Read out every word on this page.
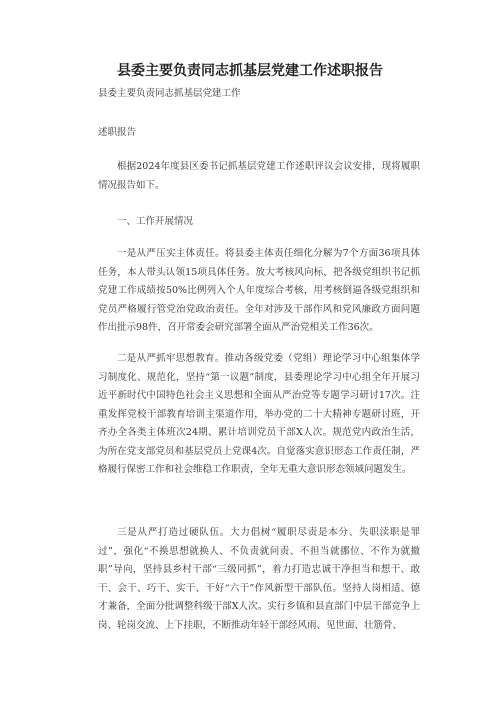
县委主要负责同志抓基层党建工作述职报告
县委主要负责同志抓基层党建工作
述职报告
根据2024年度县区委书记抓基层党建工作述职评议会议安排，现将履职情况报告如下。
一、工作开展情况
一是从严压实主体责任。将县委主体责任细化分解为7个方面36项具体任务，本人带头认领15项具体任务。放大考核风向标，把各级党组织书记抓党建工作成绩按50%比例列入个人年度综合考核，用考核倒逼各级党组织和党员严格履行管党治党政治责任。全年对涉及干部作风和党风廉政方面问题作出批示98件，召开常委会研究部署全面从严治党相关工作36次。
二是从严抓牢思想教育。推动各级党委（党组）理论学习中心组集体学习制度化、规范化，坚持“第一议题”制度，县委理论学习中心组全年开展习近平新时代中国特色社会主义思想和全面从严治党等专题学习研讨17次。注重发挥党校干部教育培训主渠道作用，举办党的二十大精神专题研讨班，开齐办全各类主体班次24期、累计培训党员干部X人次。规范党内政治生活，为所在党支部党员和基层党员上党课4次。自觉落实意识形态工作责任制，严格履行保密工作和社会维稳工作职责，全年无重大意识形态领域问题发生。
三是从严打造过硬队伍。大力倡树“履职尽责是本分、失职渎职是罪过”，强化“不换思想就换人、不负责就问责、不担当就挪位、不作为就撤职”导向，坚持县乡村干部“三级同抓”，着力打造忠诚干净担当和想干、敢干、会干、巧干、实干、干好“六干”作风新型干部队伍。坚持人岗相适、德才兼备，全面分批调整科级干部X人次。实行乡镇和县直部门中层干部竞争上岗、轮岗交流、上下挂职，不断推动年轻干部经风雨、见世面、壮筋骨、
